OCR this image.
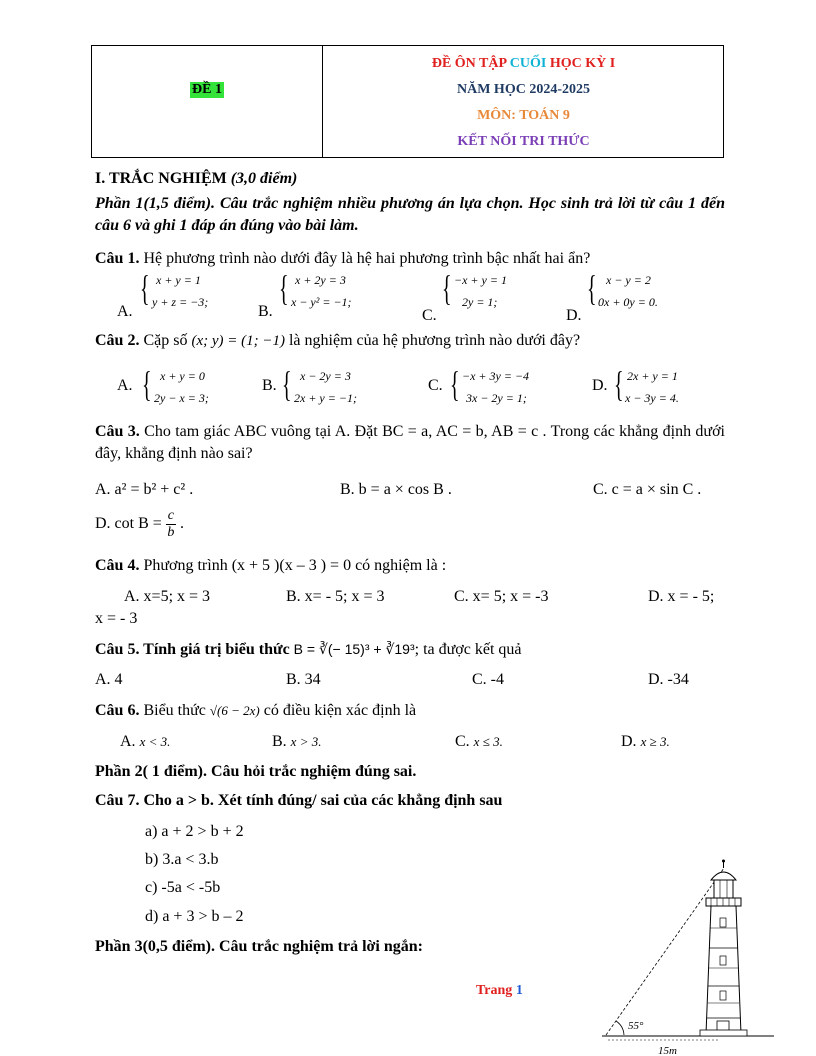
ĐỀ 1
ĐỀ ÔN TẬP CUỐI HỌC KỲ I
NĂM HỌC 2024-2025
MÔN: TOÁN 9
KẾT NỐI TRI THỨC
I. TRẮC NGHIỆM (3,0 điểm)
Phần 1(1,5 điểm). Câu trắc nghiệm nhiều phương án lựa chọn. Học sinh trả lời từ câu 1 đến câu 6 và ghi 1 đáp án đúng vào bài làm.
Câu 1. Hệ phương trình nào dưới đây là hệ hai phương trình bậc nhất hai ẩn?
A.
{ x + y = 1
y + z = −3;
B.
{ x + 2y = 3
x − y² = −1;
C.
{ −x + y = 1
2y = 1;
D.
{ x − y = 2
0x + 0y = 0.
Câu 2. Cặp số (x; y) = (1; −1) là nghiệm của hệ phương trình nào dưới đây?
A. { x + y = 0
2y − x = 3;
B. { x − 2y = 3
2x + y = −1;
C. { −x + 3y = −4
3x − 2y = 1;
D. { 2x + y = 1
x − 3y = 4.
Câu 3. Cho tam giác ABC vuông tại A. Đặt BC = a, AC = b, AB = c . Trong các khẳng định dưới đây, khẳng định nào sai?
A. a² = b² + c² .	B. b = a × cos B .	C. c = a × sin C .
D. $\cot B = \frac{c}{b}$ .
Câu 4. Phương trình (x + 5 )(x – 3 ) = 0 có nghiệm là :
A. x=5; x = 3	B. x= - 5; x = 3	C. x= 5; x = -3	D. x = - 5;
x = - 3
Câu 5. Tính giá trị biểu thức B = ∛(− 15)³ + ∛19³; ta được kết quả
A. 4	B. 34	C. -4	D. -34
Câu 6. Biểu thức √(6 − 2x) có điều kiện xác định là
A. x < 3.	B. x > 3.	C. x ≤ 3.	D. x ≥ 3.
Phần 2( 1 điểm). Câu hỏi trắc nghiệm đúng sai.
Câu 7. Cho a > b. Xét tính đúng/ sai của các khẳng định sau
a) a + 2 > b + 2
b) 3.a < 3.b
c) -5a < -5b
d) a + 3 > b – 2
Phần 3(0,5 điểm). Câu trắc nghiệm trả lời ngắn:
Trang 1
55°
15m
